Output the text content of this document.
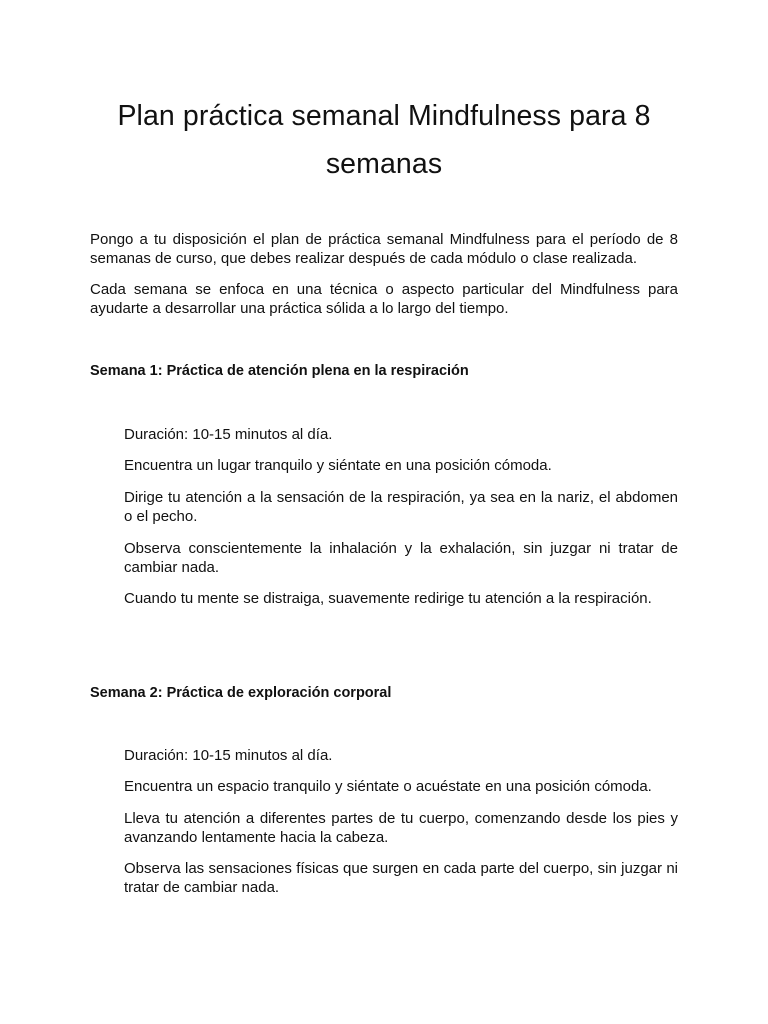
Plan práctica semanal Mindfulness para 8 semanas

Pongo a tu disposición el plan de práctica semanal Mindfulness para el período de 8 semanas de curso, que debes realizar después de cada módulo o clase realizada.

Cada semana se enfoca en una técnica o aspecto particular del Mindfulness para ayudarte a desarrollar una práctica sólida a lo largo del tiempo.

Semana 1: Práctica de atención plena en la respiración

Duración: 10-15 minutos al día.

Encuentra un lugar tranquilo y siéntate en una posición cómoda.

Dirige tu atención a la sensación de la respiración, ya sea en la nariz, el abdomen o el pecho.

Observa conscientemente la inhalación y la exhalación, sin juzgar ni tratar de cambiar nada.

Cuando tu mente se distraiga, suavemente redirige tu atención a la respiración.

Semana 2: Práctica de exploración corporal

Duración: 10-15 minutos al día.

Encuentra un espacio tranquilo y siéntate o acuéstate en una posición cómoda.

Lleva tu atención a diferentes partes de tu cuerpo, comenzando desde los pies y avanzando lentamente hacia la cabeza.

Observa las sensaciones físicas que surgen en cada parte del cuerpo, sin juzgar ni tratar de cambiar nada.
